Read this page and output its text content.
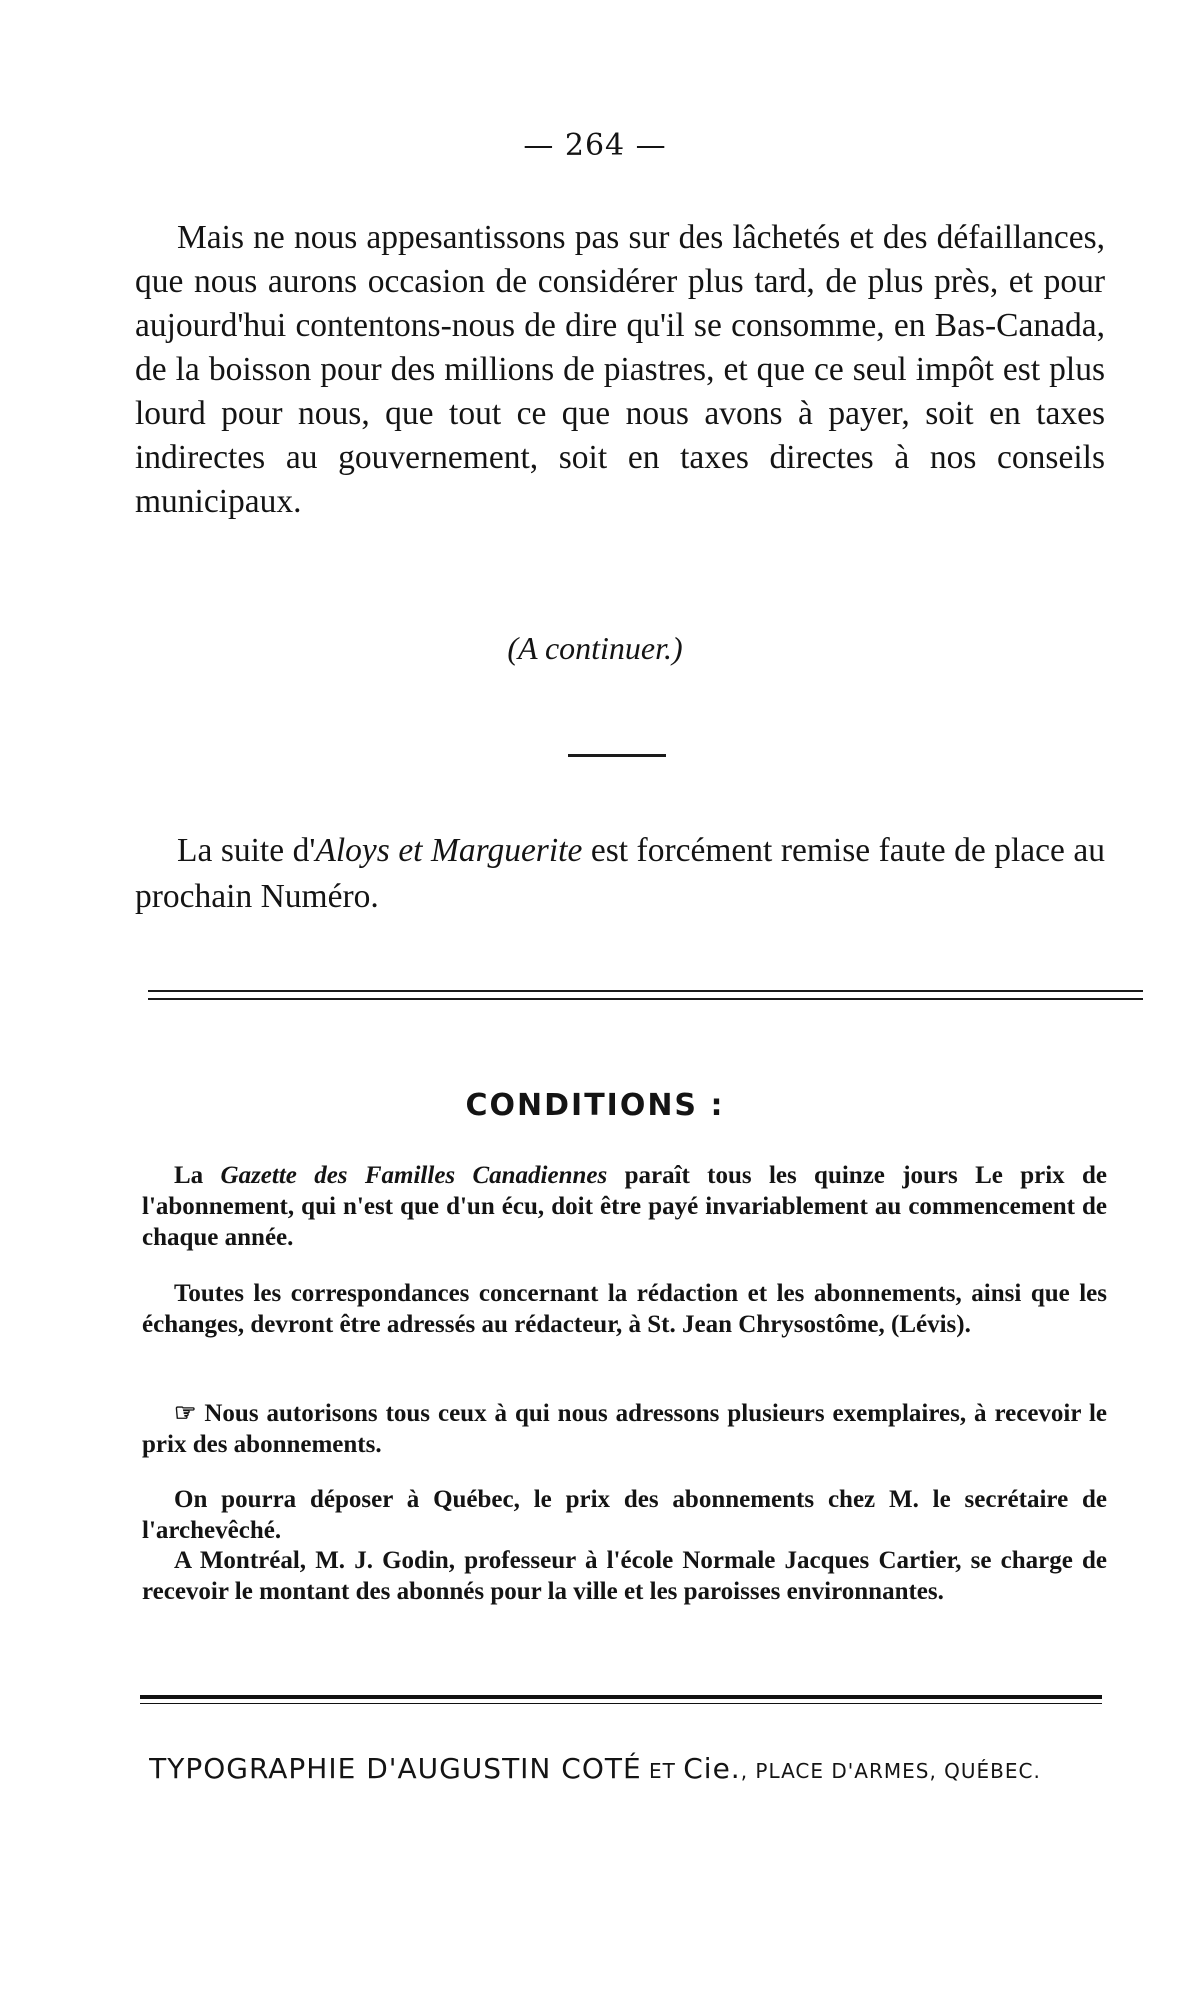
— 264 —

Mais ne nous appesantissons pas sur des lâchetés et des défaillances, que nous aurons occasion de considérer plus tard, de plus près, et pour aujourd'hui contentons-nous de dire qu'il se consomme, en Bas-Canada, de la boisson pour des millions de piastres, et que ce seul impôt est plus lourd pour nous, que tout ce que nous avons à payer, soit en taxes indirectes au gouvernement, soit en taxes directes à nos conseils municipaux.

(A continuer.)

La suite d'Aloys et Marguerite est forcément remise faute de place au prochain Numéro.

CONDITIONS :

La Gazette des Familles Canadiennes paraît tous les quinze jours Le prix de l'abonnement, qui n'est que d'un écu, doit être payé invariablement au commencement de chaque année.

Toutes les correspondances concernant la rédaction et les abonnements, ainsi que les échanges, devront être adressés au rédacteur, à St. Jean Chrysostôme, (Lévis).

☞ Nous autorisons tous ceux à qui nous adressons plusieurs exemplaires, à recevoir le prix des abonnements.

On pourra déposer à Québec, le prix des abonnements chez M. le secrétaire de l'archevêché.

A Montréal, M. J. Godin, professeur à l'école Normale Jacques Cartier, se charge de recevoir le montant des abonnés pour la ville et les paroisses environnantes.

TYPOGRAPHIE D'AUGUSTIN COTÉ ET Cie., PLACE D'ARMES, QUÉBEC.
